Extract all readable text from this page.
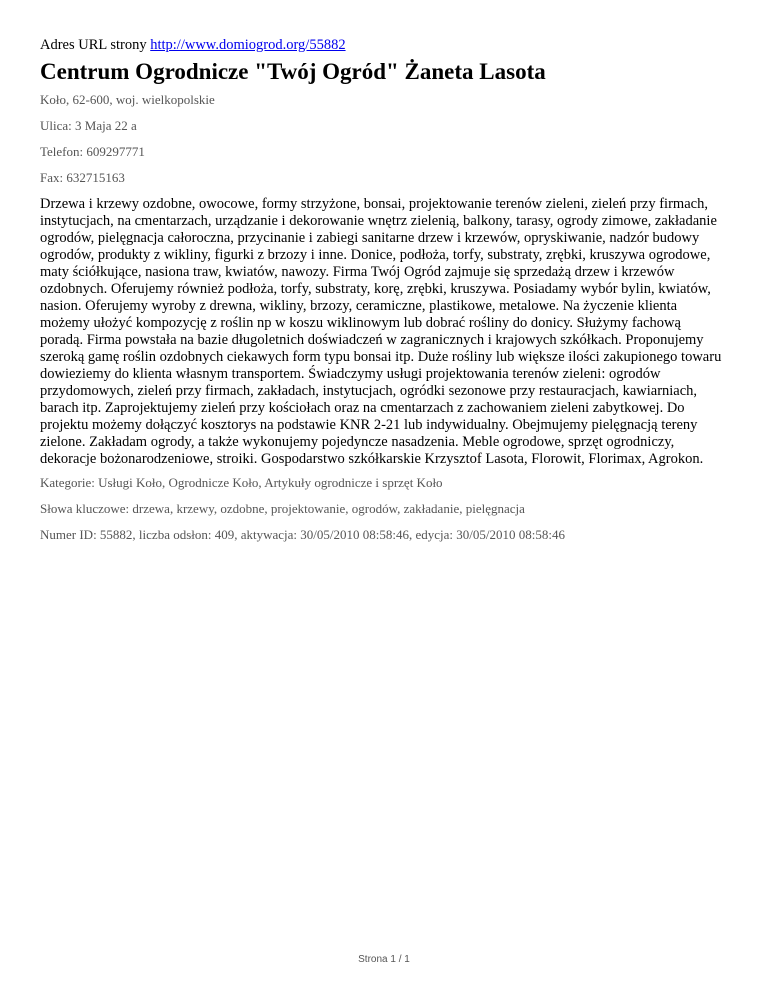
Adres URL strony http://www.domiogrod.org/55882

Centrum Ogrodnicze "Twój Ogród" Żaneta Lasota

Koło, 62-600, woj. wielkopolskie

Ulica: 3 Maja 22 a

Telefon: 609297771

Fax: 632715163

Drzewa i krzewy ozdobne, owocowe, formy strzyżone, bonsai, projektowanie terenów zieleni, zieleń przy firmach, instytucjach, na cmentarzach, urządzanie i dekorowanie wnętrz zielenią, balkony, tarasy, ogrody zimowe, zakładanie ogrodów, pielęgnacja całoroczna, przycinanie i zabiegi sanitarne drzew i krzewów, opryskiwanie, nadzór budowy ogrodów, produkty z wikliny, figurki z brzozy i inne. Donice, podłoża, torfy, substraty, zrębki, kruszywa ogrodowe, maty ściółkujące, nasiona traw, kwiatów, nawozy. Firma Twój Ogród zajmuje się sprzedażą drzew i krzewów ozdobnych. Oferujemy również podłoża, torfy, substraty, korę, zrębki, kruszywa. Posiadamy wybór bylin, kwiatów, nasion. Oferujemy wyroby z drewna, wikliny, brzozy, ceramiczne, plastikowe, metalowe. Na życzenie klienta możemy ułożyć kompozycję z roślin np w koszu wiklinowym lub dobrać rośliny do donicy. Służymy fachową poradą. Firma powstała na bazie długoletnich doświadczeń w zagranicznych i krajowych szkółkach. Proponujemy szeroką gamę roślin ozdobnych ciekawych form typu bonsai itp. Duże rośliny lub większe ilości zakupionego towaru dowieziemy do klienta własnym transportem. Świadczymy usługi projektowania terenów zieleni: ogrodów przydomowych, zieleń przy firmach, zakładach, instytucjach, ogródki sezonowe przy restauracjach, kawiarniach, barach itp. Zaprojektujemy zieleń przy kościołach oraz na cmentarzach z zachowaniem zieleni zabytkowej. Do projektu możemy dołączyć kosztorys na podstawie KNR 2-21 lub indywidualny. Obejmujemy pielęgnacją tereny zielone. Zakładam ogrody, a także wykonujemy pojedyncze nasadzenia. Meble ogrodowe, sprzęt ogrodniczy, dekoracje bożonarodzeniowe, stroiki. Gospodarstwo szkółkarskie Krzysztof Lasota, Florowit, Florimax, Agrokon.

Kategorie: Usługi Koło, Ogrodnicze Koło, Artykuły ogrodnicze i sprzęt Koło

Słowa kluczowe: drzewa, krzewy, ozdobne, projektowanie, ogrodów, zakładanie, pielęgnacja

Numer ID: 55882, liczba odsłon: 409, aktywacja: 30/05/2010 08:58:46, edycja: 30/05/2010 08:58:46

Strona 1 / 1
